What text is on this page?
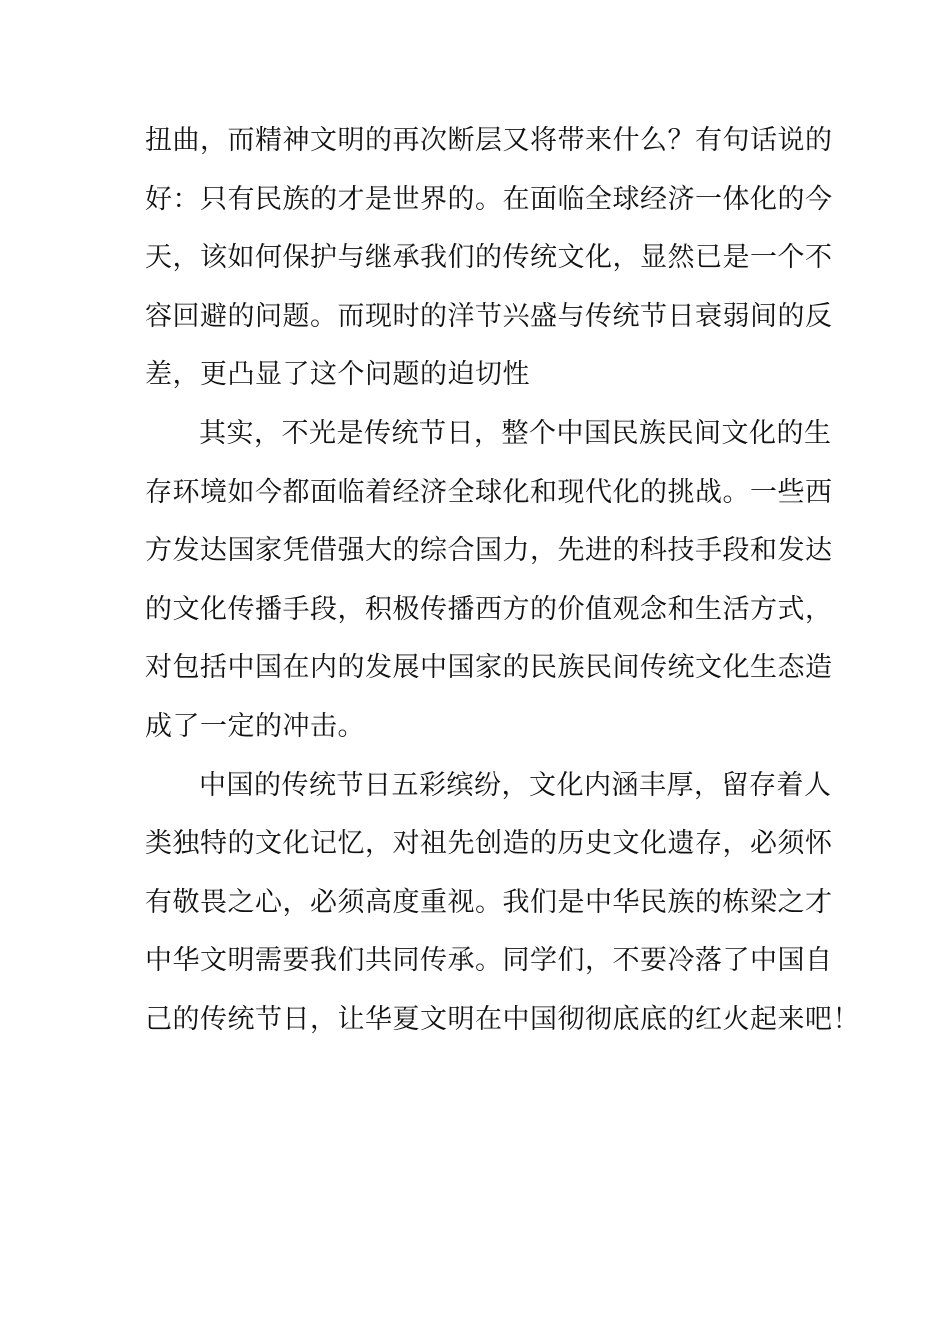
扭曲，而精神文明的再次断层又将带来什么？有句话说的
好：只有民族的才是世界的。在面临全球经济一体化的今
天，该如何保护与继承我们的传统文化，显然已是一个不
容回避的问题。而现时的洋节兴盛与传统节日衰弱间的反
差，更凸显了这个问题的迫切性
其实，不光是传统节日，整个中国民族民间文化的生
存环境如今都面临着经济全球化和现代化的挑战。一些西
方发达国家凭借强大的综合国力，先进的科技手段和发达
的文化传播手段，积极传播西方的价值观念和生活方式，
对包括中国在内的发展中国家的民族民间传统文化生态造
成了一定的冲击。
中国的传统节日五彩缤纷，文化内涵丰厚，留存着人
类独特的文化记忆，对祖先创造的历史文化遗存，必须怀
有敬畏之心，必须高度重视。我们是中华民族的栋梁之才
中华文明需要我们共同传承。同学们，不要冷落了中国自
己的传统节日，让华夏文明在中国彻彻底底的红火起来吧！
